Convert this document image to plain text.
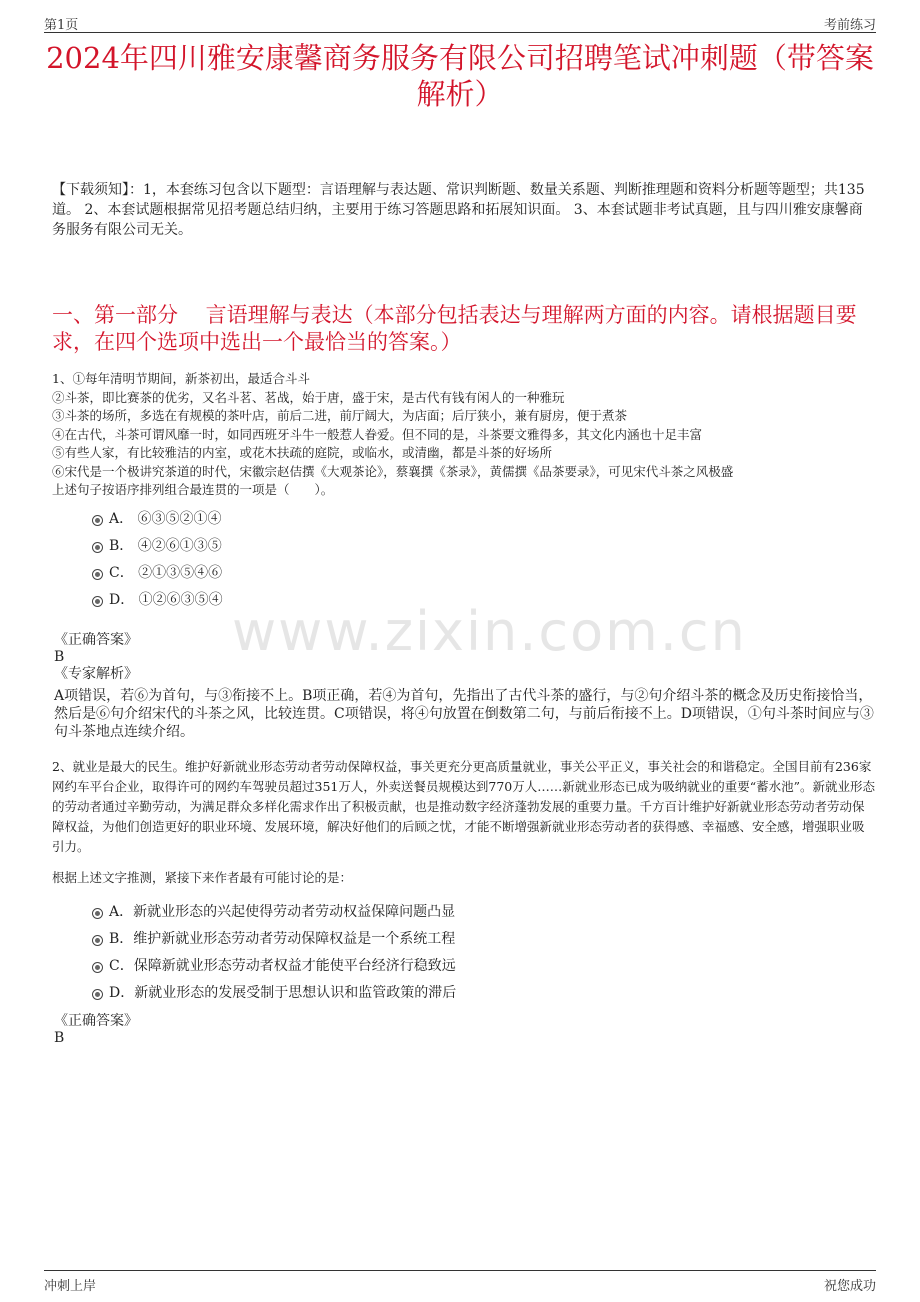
第1页	考前练习
2024年四川雅安康馨商务服务有限公司招聘笔试冲刺题（带答案解析）
【下载须知】：1，本套练习包含以下题型：言语理解与表达题、常识判断题、数量关系题、判断推理题和资料分析题等题型；共135道。 2、本套试题根据常见招考题总结归纳，主要用于练习答题思路和拓展知识面。 3、本套试题非考试真题，且与四川雅安康馨商务服务有限公司无关。
一、第一部分　 言语理解与表达（本部分包括表达与理解两方面的内容。请根据题目要求，在四个选项中选出一个最恰当的答案。）
1、①每年清明节期间，新茶初出，最适合斗斗
②斗茶，即比赛茶的优劣，又名斗茗、茗战，始于唐，盛于宋，是古代有钱有闲人的一种雅玩
③斗茶的场所，多选在有规模的茶叶店，前后二进，前厅阔大，为店面；后厅狭小，兼有厨房，便于煮茶
④在古代，斗茶可谓风靡一时，如同西班牙斗牛一般惹人眷爱。但不同的是，斗茶要文雅得多，其文化内涵也十足丰富
⑤有些人家，有比较雅洁的内室，或花木扶疏的庭院，或临水，或清幽，都是斗茶的好场所
⑥宋代是一个极讲究茶道的时代，宋徽宗赵佶撰《大观茶论》，蔡襄撰《茶录》，黄儒撰《品茶要录》，可见宋代斗茶之风极盛
上述句子按语序排列组合最连贯的一项是（　　）。
A． ⑥③⑤②①④
B． ④②⑥①③⑤
C． ②①③⑤④⑥
D． ①②⑥③⑤④ www.zixin.com.cn
《正确答案》
B
《专家解析》
A项错误，若⑥为首句，与③衔接不上。B项正确，若④为首句，先指出了古代斗茶的盛行，与②句介绍斗茶的概念及历史衔接恰当，然后是⑥句介绍宋代的斗茶之风，比较连贯。C项错误，将④句放置在倒数第二句，与前后衔接不上。D项错误，①句斗茶时间应与③句斗茶地点连续介绍。
2、就业是最大的民生。维护好新就业形态劳动者劳动保障权益，事关更充分更高质量就业，事关公平正义，事关社会的和谐稳定。全国目前有236家网约车平台企业，取得许可的网约车驾驶员超过351万人，外卖送餐员规模达到770万人……新就业形态已成为吸纳就业的重要“蓄水池”。新就业形态的劳动者通过辛勤劳动，为满足群众多样化需求作出了积极贡献，也是推动数字经济蓬勃发展的重要力量。千方百计维护好新就业形态劳动者劳动保障权益，为他们创造更好的职业环境、发展环境，解决好他们的后顾之忧，才能不断增强新就业形态劳动者的获得感、幸福感、安全感，增强职业吸引力。
根据上述文字推测，紧接下来作者最有可能讨论的是：
A．新就业形态的兴起使得劳动者劳动权益保障问题凸显
B．维护新就业形态劳动者劳动保障权益是一个系统工程
C．保障新就业形态劳动者权益才能使平台经济行稳致远
D．新就业形态的发展受制于思想认识和监管政策的滞后
《正确答案》
B
冲刺上岸	祝您成功
